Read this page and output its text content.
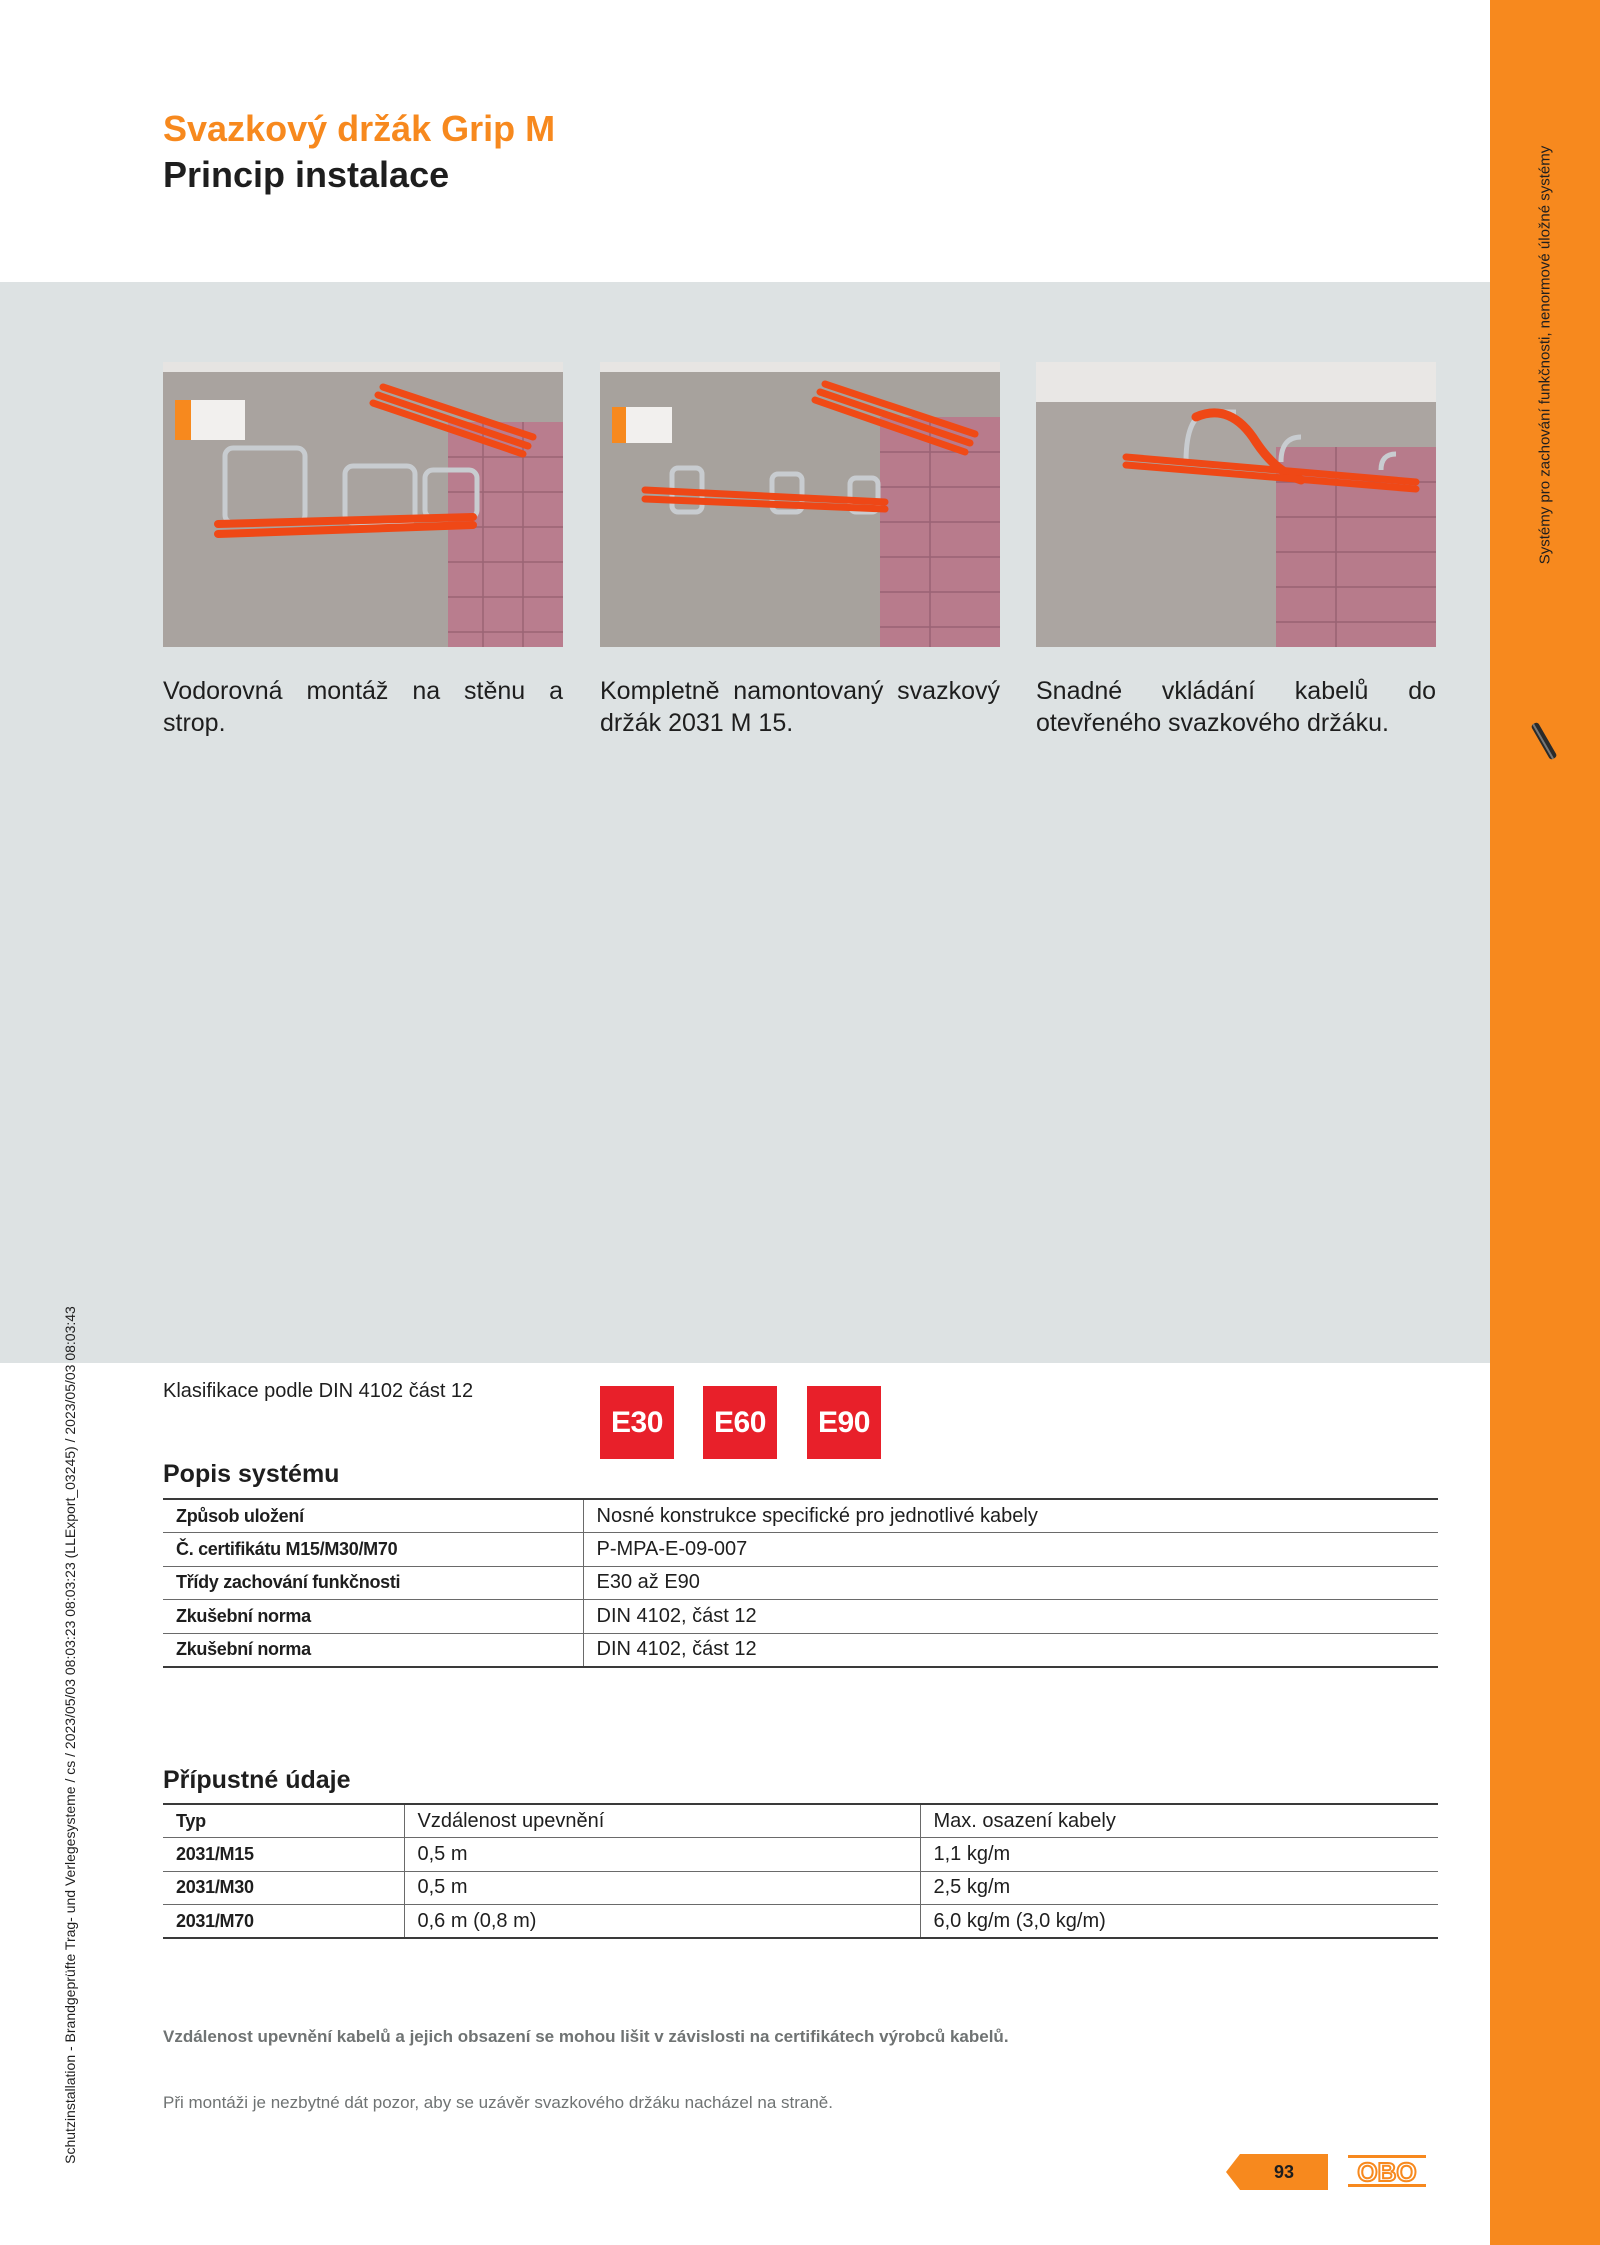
Systémy pro zachování funkčnosti, nenormové úložné systémy
Schutzinstallation - Brandgeprüfte Trag- und Verlegesysteme / cs / 2023/05/03 08:03:23 08:03:23 (LLExport_03245) / 2023/05/03 08:03:43
Svazkový držák Grip M
Princip instalace
Vodorovná montáž na stěnu a strop.
Kompletně namontovaný svazkový držák 2031 M 15.
Snadné vkládání kabelů do otevřeného svazkového držáku.
Klasifikace podle DIN 4102 část 12
E30	E60	E90
Popis systému
Způsob uložení	Nosné konstrukce specifické pro jednotlivé kabely
Č. certifikátu M15/M30/M70	P-MPA-E-09-007
Třídy zachování funkčnosti	E30 až E90
Zkušební norma	DIN 4102, část 12
Zkušební norma	DIN 4102, část 12
Přípustné údaje
Typ	Vzdálenost upevnění	Max. osazení kabely
2031/M15	0,5 m	1,1 kg/m
2031/M30	0,5 m	2,5 kg/m
2031/M70	0,6 m (0,8 m)	6,0 kg/m (3,0 kg/m)
Vzdálenost upevnění kabelů a jejich obsazení se mohou lišit v závislosti na certifikátech výrobců kabelů.
Při montáži je nezbytné dát pozor, aby se uzávěr svazkového držáku nacházel na straně.
93	OBO
